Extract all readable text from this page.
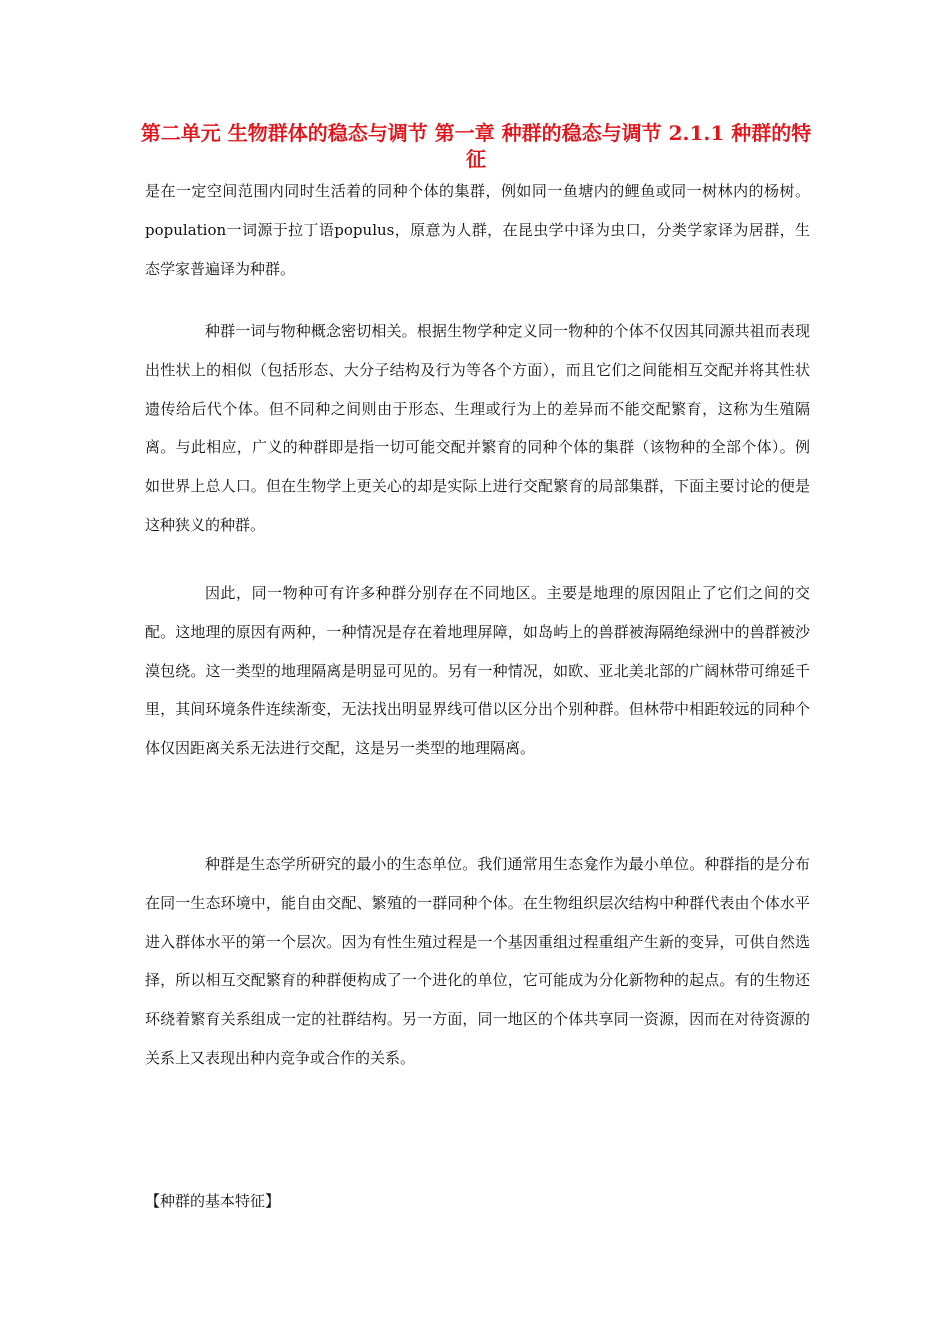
第二单元 生物群体的稳态与调节 第一章 种群的稳态与调节 2.1.1 种群的特征

是在一定空间范围内同时生活着的同种个体的集群，例如同一鱼塘内的鲤鱼或同一树林内的杨树。population一词源于拉丁语populus，原意为人群，在昆虫学中译为虫口，分类学家译为居群，生态学家普遍译为种群。

种群一词与物种概念密切相关。根据生物学种定义同一物种的个体不仅因其同源共祖而表现出性状上的相似（包括形态、大分子结构及行为等各个方面），而且它们之间能相互交配并将其性状遗传给后代个体。但不同种之间则由于形态、生理或行为上的差异而不能交配繁育，这称为生殖隔离。与此相应，广义的种群即是指一切可能交配并繁育的同种个体的集群（该物种的全部个体）。例如世界上总人口。但在生物学上更关心的却是实际上进行交配繁育的局部集群，下面主要讨论的便是这种狭义的种群。

因此，同一物种可有许多种群分别存在不同地区。主要是地理的原因阻止了它们之间的交配。这地理的原因有两种，一种情况是存在着地理屏障，如岛屿上的兽群被海隔绝绿洲中的兽群被沙漠包绕。这一类型的地理隔离是明显可见的。另有一种情况，如欧、亚北美北部的广阔林带可绵延千里，其间环境条件连续渐变，无法找出明显界线可借以区分出个别种群。但林带中相距较远的同种个体仅因距离关系无法进行交配，这是另一类型的地理隔离。

种群是生态学所研究的最小的生态单位。我们通常用生态龛作为最小单位。种群指的是分布在同一生态环境中，能自由交配、繁殖的一群同种个体。在生物组织层次结构中种群代表由个体水平进入群体水平的第一个层次。因为有性生殖过程是一个基因重组过程重组产生新的变异，可供自然选择，所以相互交配繁育的种群便构成了一个进化的单位，它可能成为分化新物种的起点。有的生物还环绕着繁育关系组成一定的社群结构。另一方面，同一地区的个体共享同一资源，因而在对待资源的关系上又表现出种内竞争或合作的关系。

【种群的基本特征】
